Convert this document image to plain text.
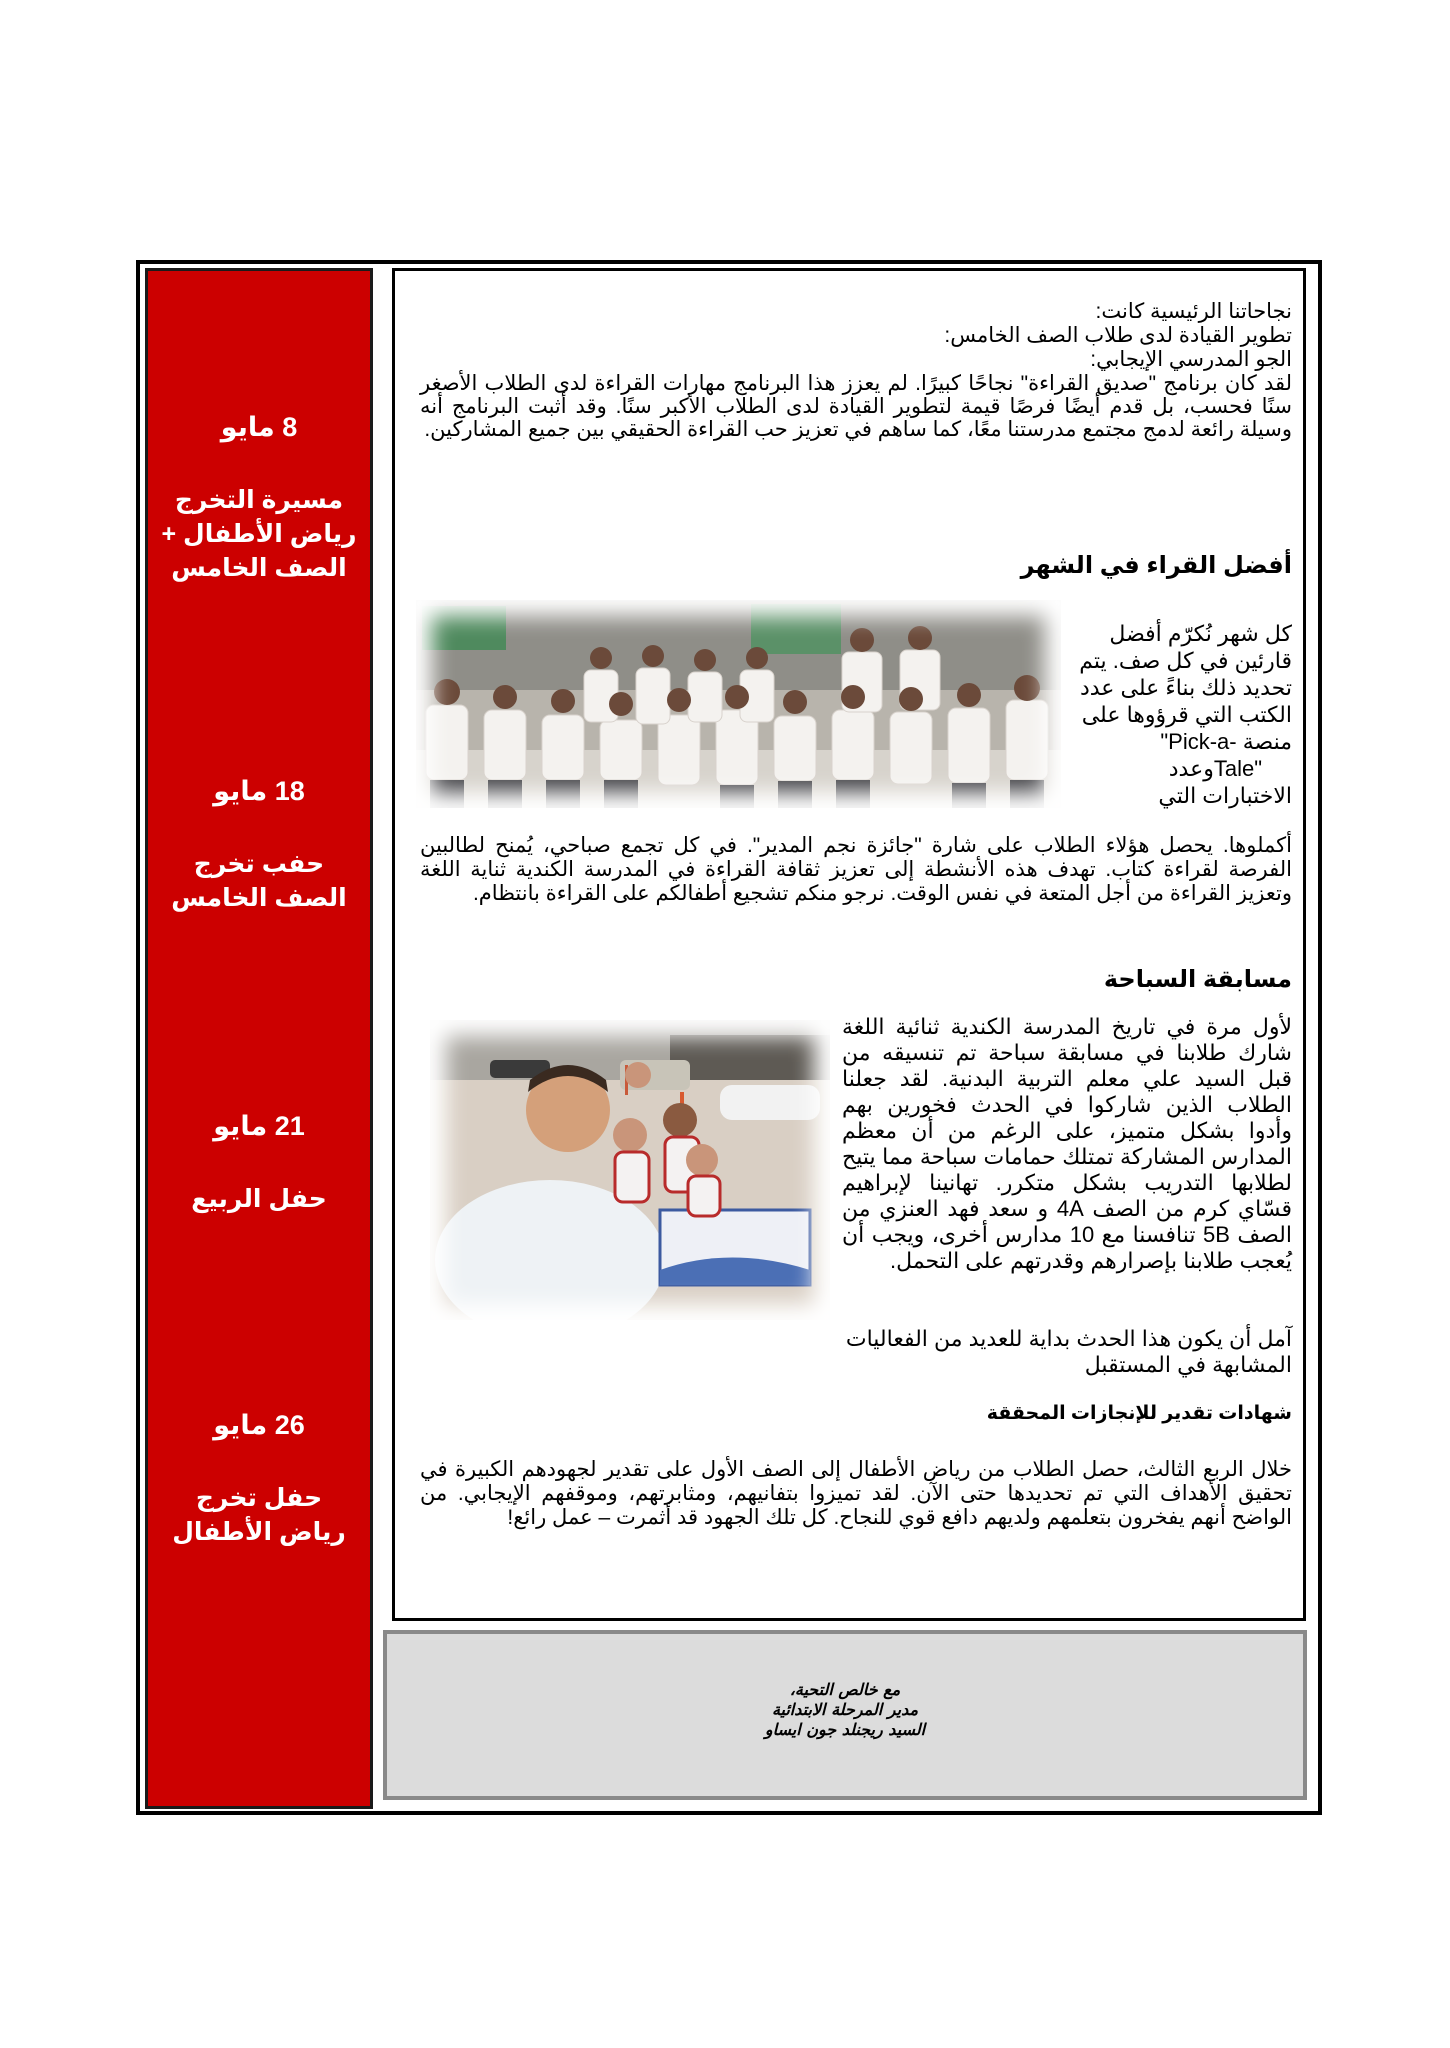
8 مايو
مسيرة التخرج
رياض الأطفال +
الصف الخامس
18 مايو
حفب تخرج
الصف الخامس
21 مايو
حفل الربيع
26 مايو
حفل تخرج
رياض الأطفال
نجاحاتنا الرئيسية كانت:
تطوير القيادة لدى طلاب الصف الخامس:
الجو المدرسي الإيجابي:
لقد كان برنامج "صديق القراءة" نجاحًا كبيرًا. لم يعزز هذا البرنامج مهارات القراءة لدى الطلاب الأصغر سنًا فحسب، بل قدم أيضًا فرصًا قيمة لتطوير القيادة لدى الطلاب الأكبر سنًا. وقد أثبت البرنامج أنه وسيلة رائعة لدمج مجتمع مدرستنا معًا، كما ساهم في تعزيز حب القراءة الحقيقي بين جميع المشاركين.
أفضل القراء في الشهر
كل شهر نُكرّم أفضل
قارئين في كل صف. يتم
تحديد ذلك بناءً على عدد
الكتب التي قرؤوها على
منصة -Pick-a"
"Taleوعدد
الاختبارات التي
أكملوها. يحصل هؤلاء الطلاب على شارة "جائزة نجم المدير". في كل تجمع صباحي، يُمنح لطالبين الفرصة لقراءة كتاب. تهدف هذه الأنشطة إلى تعزيز ثقافة القراءة في المدرسة الكندية ثناية اللغة وتعزيز القراءة من أجل المتعة في نفس الوقت. نرجو منكم تشجيع أطفالكم على القراءة بانتظام.
مسابقة السباحة
لأول مرة في تاريخ المدرسة الكندية ثنائية اللغة شارك طلابنا في مسابقة سباحة تم تنسيقه من قبل السيد علي معلم التربية البدنية. لقد جعلنا الطلاب الذين شاركوا في الحدث فخورين بهم وأدوا بشكل متميز، على الرغم من أن معظم المدارس المشاركة تمتلك حمامات سباحة مما يتيح لطلابها التدريب بشكل متكرر. تهانينا لإبراهيم قسّاي كرم من الصف 4A و سعد فهد العنزي من الصف 5B تنافسنا مع 10 مدارس أخرى، ويجب أن يُعجب طلابنا بإصرارهم وقدرتهم على التحمل.
آمل أن يكون هذا الحدث بداية للعديد من الفعاليات المشابهة في المستقبل
شهادات تقدير للإنجازات المحققة
خلال الربع الثالث، حصل الطلاب من رياض الأطفال إلى الصف الأول على تقدير لجهودهم الكبيرة في تحقيق الأهداف التي تم تحديدها حتى الآن. لقد تميزوا بتفانيهم، ومثابرتهم، وموقفهم الإيجابي. من الواضح أنهم يفخرون بتعلمهم ولديهم دافع قوي للنجاح. كل تلك الجهود قد أثمرت – عمل رائع!
مع خالص التحية،
مدير المرحلة الابتدائية
السيد ريجنلد جون ايساو
